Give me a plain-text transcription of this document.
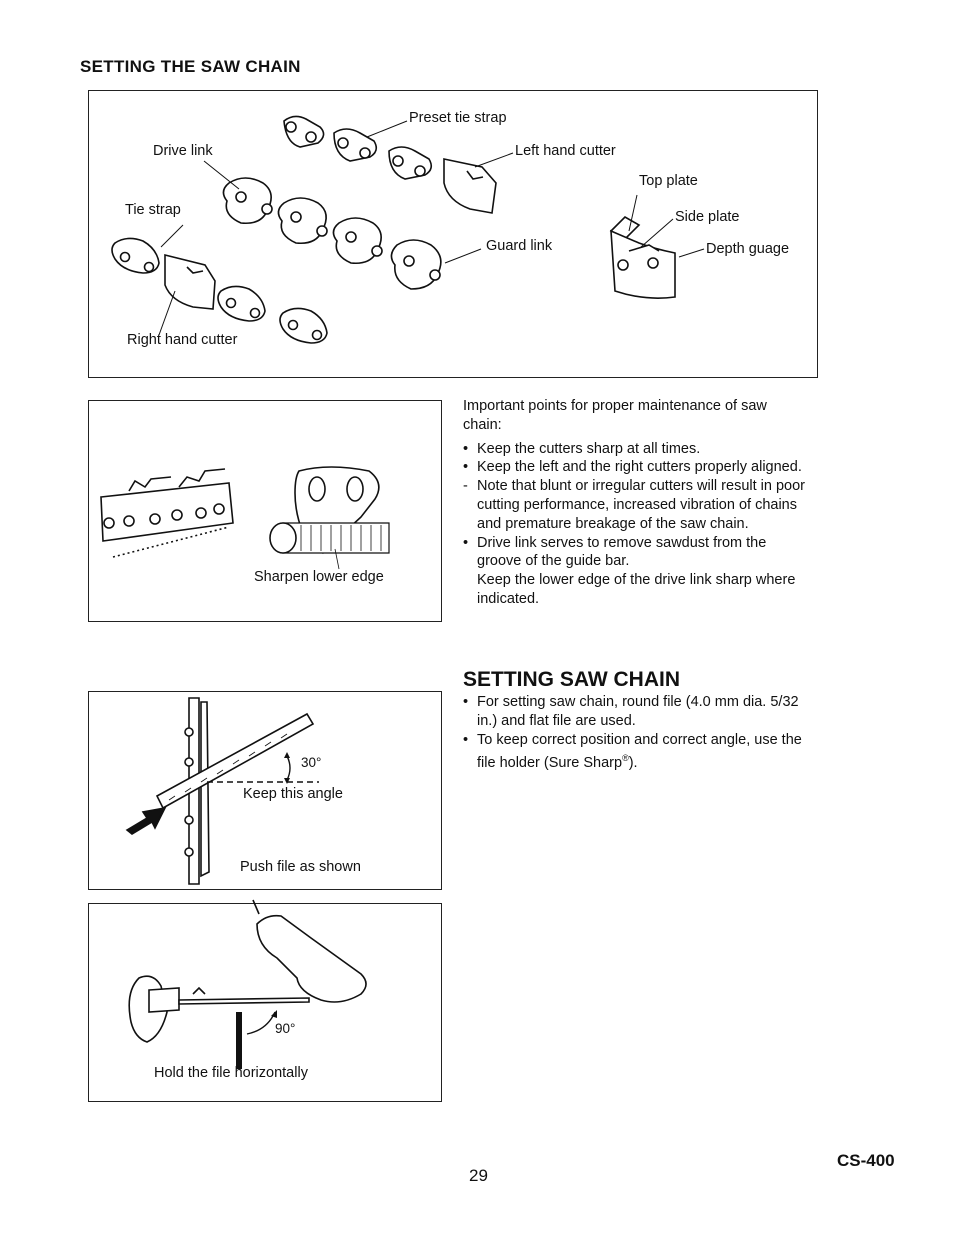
SETTING THE SAW CHAIN
Preset tie strap
Drive link	Left hand cutter
Top plate
Tie strap	Side plate
Guard link	Depth guage
Right hand cutter
Sharpen lower edge

Important points for proper maintenance of saw chain:

• Keep the cutters sharp at all times.
• Keep the left and the right cutters properly aligned.
- Note that blunt or irregular cutters will result in poor cutting performance, increased vibration of chains and premature breakage of the saw chain.
• Drive link serves to remove sawdust from the groove of the guide bar.
Keep the lower edge of the drive link sharp where indicated.
SETTING SAW CHAIN
• For setting saw chain, round file (4.0 mm dia. 5/32 in.) and flat file are used.
• To keep correct position and correct angle, use the file holder (Sure Sharp®).
30°
Keep this angle
Push file as shown
90°
Hold the file horizontally
29
CS-400
